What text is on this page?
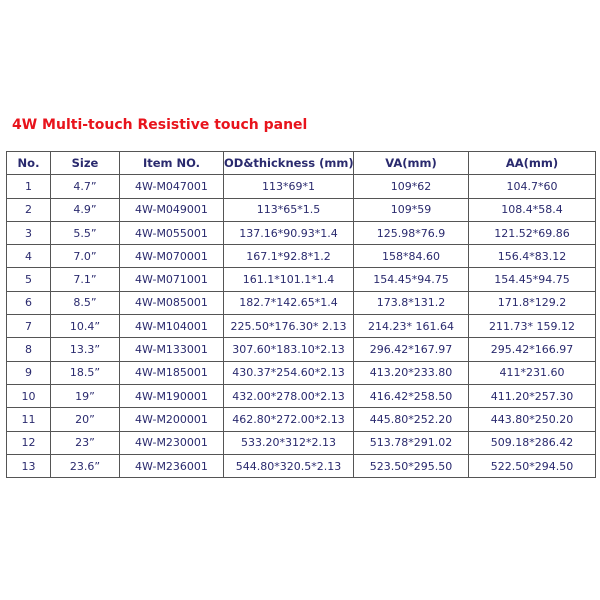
4W Multi-touch Resistive touch panel
No.	Size	Item NO.	OD&thickness (mm)	VA(mm)	AA(mm)
1	4.7”	4W-M047001	113*69*1	109*62	104.7*60
2	4.9”	4W-M049001	113*65*1.5	109*59	108.4*58.4
3	5.5”	4W-M055001	137.16*90.93*1.4	125.98*76.9	121.52*69.86
4	7.0”	4W-M070001	167.1*92.8*1.2	158*84.60	156.4*83.12
5	7.1”	4W-M071001	161.1*101.1*1.4	154.45*94.75	154.45*94.75
6	8.5”	4W-M085001	182.7*142.65*1.4	173.8*131.2	171.8*129.2
7	10.4”	4W-M104001	225.50*176.30* 2.13	214.23* 161.64	211.73* 159.12
8	13.3”	4W-M133001	307.60*183.10*2.13	296.42*167.97	295.42*166.97
9	18.5”	4W-M185001	430.37*254.60*2.13	413.20*233.80	411*231.60
10	19”	4W-M190001	432.00*278.00*2.13	416.42*258.50	411.20*257.30
11	20”	4W-M200001	462.80*272.00*2.13	445.80*252.20	443.80*250.20
12	23”	4W-M230001	533.20*312*2.13	513.78*291.02	509.18*286.42
13	23.6”	4W-M236001	544.80*320.5*2.13	523.50*295.50	522.50*294.50
